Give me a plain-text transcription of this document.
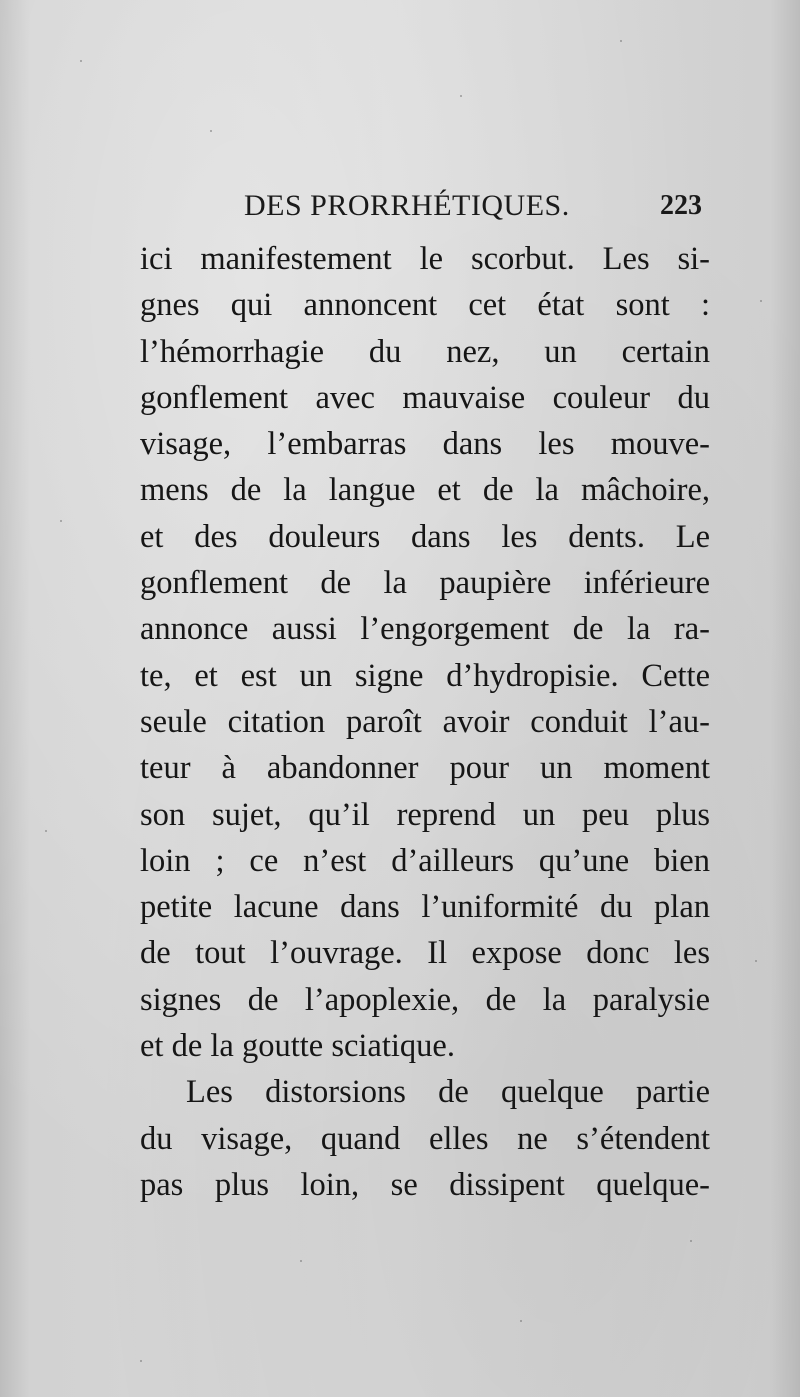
DES PRORRHÉTIQUES.	223
ici manifestement le scorbut. Les si-
gnes qui annoncent cet état sont :
l’hémorrhagie du nez, un certain
gonflement avec mauvaise couleur du
visage, l’embarras dans les mouve-
mens de la langue et de la mâchoire,
et des douleurs dans les dents. Le
gonflement de la paupière inférieure
annonce aussi l’engorgement de la ra-
te, et est un signe d’hydropisie. Cette
seule citation paroît avoir conduit l’au-
teur à abandonner pour un moment
son sujet, qu’il reprend un peu plus
loin ; ce n’est d’ailleurs qu’une bien
petite lacune dans l’uniformité du plan
de tout l’ouvrage. Il expose donc les
signes de l’apoplexie, de la paralysie
et de la goutte sciatique.
Les distorsions de quelque partie
du visage, quand elles ne s’étendent
pas plus loin, se dissipent quelque-
